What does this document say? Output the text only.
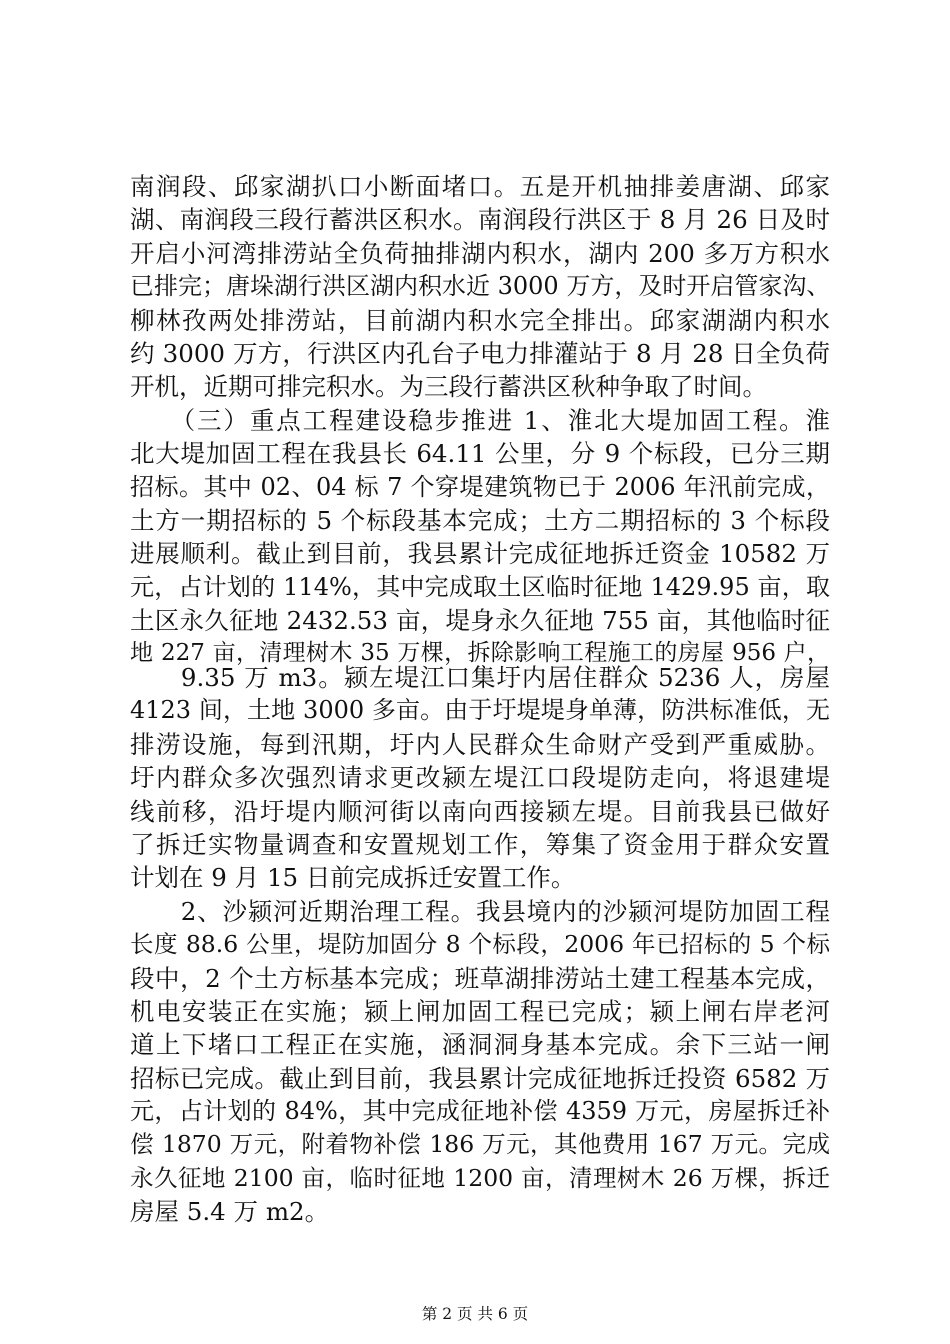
南润段、邱家湖扒口小断面堵口。五是开机抽排姜唐湖、邱家
湖、南润段三段行蓄洪区积水。南润段行洪区于 8 月 26 日及时
开启小河湾排涝站全负荷抽排湖内积水，湖内 200 多万方积水
已排完；唐垛湖行洪区湖内积水近 3000 万方，及时开启管家沟、
柳林孜两处排涝站，目前湖内积水完全排出。邱家湖湖内积水
约 3000 万方，行洪区内孔台子电力排灌站于 8 月 28 日全负荷
开机，近期可排完积水。为三段行蓄洪区秋种争取了时间。
　　（三）重点工程建设稳步推进 1、淮北大堤加固工程。淮
北大堤加固工程在我县长 64.11 公里，分 9 个标段，已分三期
招标。其中 02、04 标 7 个穿堤建筑物已于 2006 年汛前完成，
土方一期招标的 5 个标段基本完成；土方二期招标的 3 个标段
进展顺利。截止到目前，我县累计完成征地拆迁资金 10582 万
元，占计划的 114%，其中完成取土区临时征地 1429.95 亩，取
土区永久征地 2432.53 亩，堤身永久征地 755 亩，其他临时征
地 227 亩，清理树木 35 万棵，拆除影响工程施工的房屋 956 户，
　　9.35 万 m3。颍左堤江口集圩内居住群众 5236 人，房屋
4123 间，土地 3000 多亩。由于圩堤堤身单薄，防洪标准低，无
排涝设施，每到汛期，圩内人民群众生命财产受到严重威胁。
圩内群众多次强烈请求更改颍左堤江口段堤防走向，将退建堤
线前移，沿圩堤内顺河街以南向西接颍左堤。目前我县已做好
了拆迁实物量调查和安置规划工作，筹集了资金用于群众安置
计划在 9 月 15 日前完成拆迁安置工作。
　　2、沙颍河近期治理工程。我县境内的沙颍河堤防加固工程
长度 88.6 公里，堤防加固分 8 个标段，2006 年已招标的 5 个标
段中，2 个土方标基本完成；班草湖排涝站土建工程基本完成，
机电安装正在实施；颍上闸加固工程已完成；颍上闸右岸老河
道上下堵口工程正在实施，涵洞洞身基本完成。余下三站一闸
招标已完成。截止到目前，我县累计完成征地拆迁投资 6582 万
元，占计划的 84%，其中完成征地补偿 4359 万元，房屋拆迁补
偿 1870 万元，附着物补偿 186 万元，其他费用 167 万元。完成
永久征地 2100 亩，临时征地 1200 亩，清理树木 26 万棵，拆迁
房屋 5.4 万 m2。
第 2 页 共 6 页
